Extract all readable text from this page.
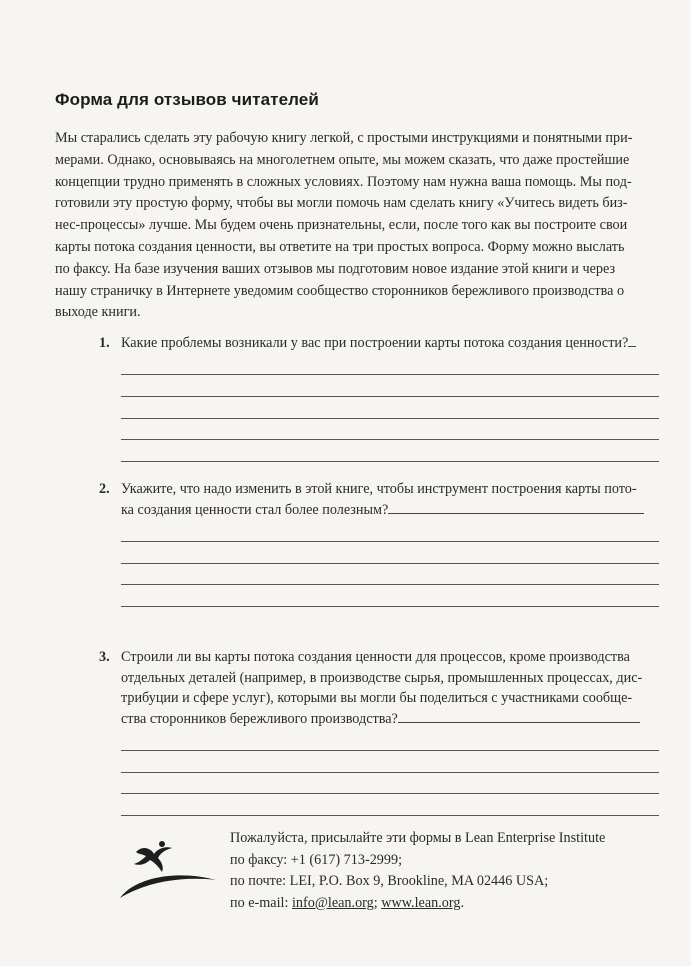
Форма для отзывов читателей
Мы старались сделать эту рабочую книгу легкой, с простыми инструкциями и понятными при-
мерами. Однако, основываясь на многолетнем опыте, мы можем сказать, что даже простейшие
концепции трудно применять в сложных условиях. Поэтому нам нужна ваша помощь. Мы под-
готовили эту простую форму, чтобы вы могли помочь нам сделать книгу «Учитесь видеть биз-
нес-процессы» лучше. Мы будем очень признательны, если, после того как вы построите свои
карты потока создания ценности, вы ответите на три простых вопроса. Форму можно выслать
по факсу. На базе изучения ваших отзывов мы подготовим новое издание этой книги и через
нашу страничку в Интернете уведомим сообщество сторонников бережливого производства о
выходе книги.
1. Какие проблемы возникали у вас при построении карты потока создания ценности?
2. Укажите, что надо изменить в этой книге, чтобы инструмент построения карты пото-
ка создания ценности стал более полезным?
3. Строили ли вы карты потока создания ценности для процессов, кроме производства
отдельных деталей (например, в производстве сырья, промышленных процессах, дис-
трибуции и сфере услуг), которыми вы могли бы поделиться с участниками сообще-
ства сторонников бережливого производства?
Пожалуйста, присылайте эти формы в Lean Enterprise Institute
по факсу: +1 (617) 713-2999;
по почте: LEI, P.O. Box 9, Brookline, MA 02446 USA;
по e-mail: info@lean.org; www.lean.org.
